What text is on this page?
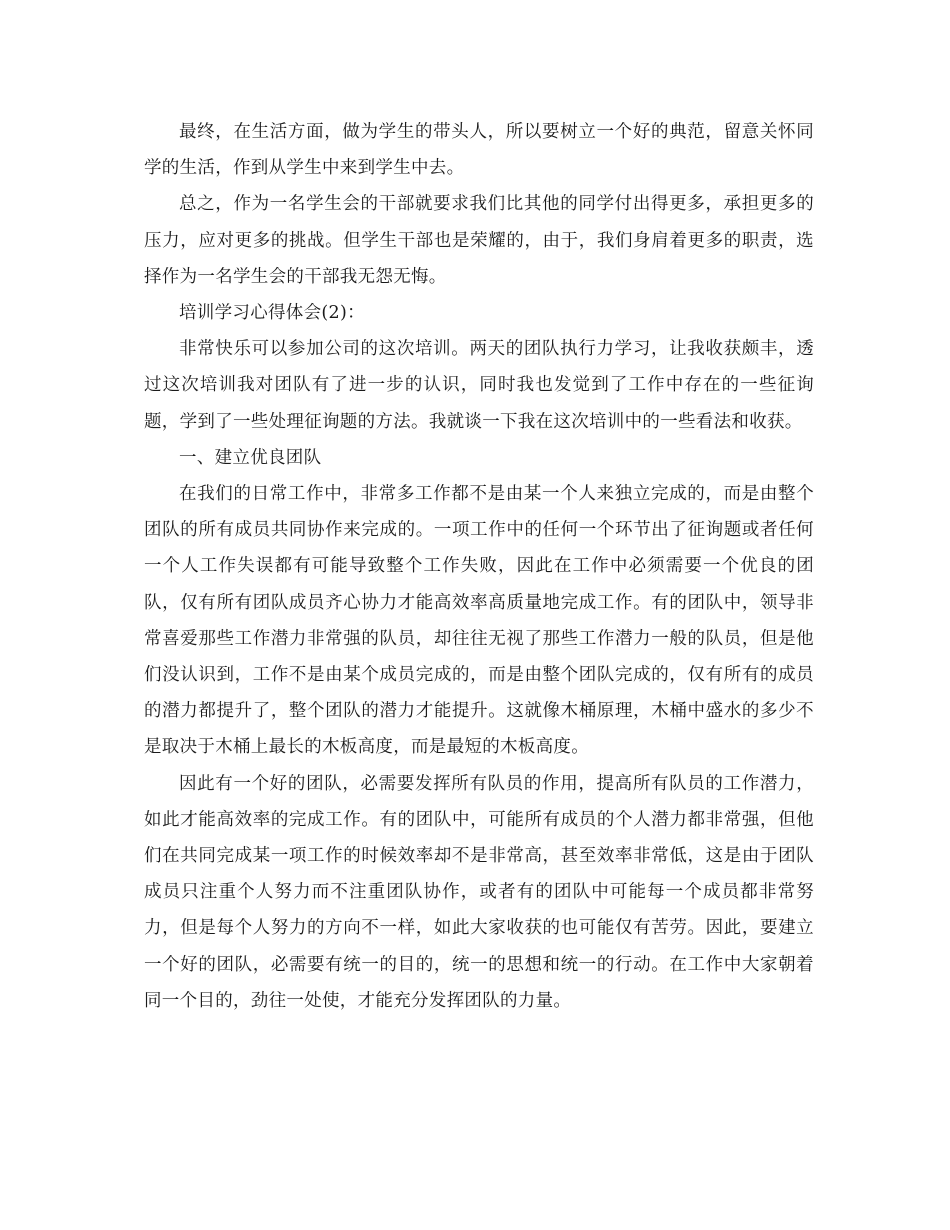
最终，在生活方面，做为学生的带头人，所以要树立一个好的典范，留意关怀同学的生活，作到从学生中来到学生中去。

总之，作为一名学生会的干部就要求我们比其他的同学付出得更多，承担更多的压力，应对更多的挑战。但学生干部也是荣耀的，由于，我们身肩着更多的职责，选择作为一名学生会的干部我无怨无悔。

培训学习心得体会(2)：

非常快乐可以参加公司的这次培训。两天的团队执行力学习，让我收获颇丰，透过这次培训我对团队有了进一步的认识，同时我也发觉到了工作中存在的一些征询题，学到了一些处理征询题的方法。我就谈一下我在这次培训中的一些看法和收获。

一、建立优良团队

在我们的日常工作中，非常多工作都不是由某一个人来独立完成的，而是由整个团队的所有成员共同协作来完成的。一项工作中的任何一个环节出了征询题或者任何一个人工作失误都有可能导致整个工作失败，因此在工作中必须需要一个优良的团队，仅有所有团队成员齐心协力才能高效率高质量地完成工作。有的团队中，领导非常喜爱那些工作潜力非常强的队员，却往往无视了那些工作潜力一般的队员，但是他们没认识到，工作不是由某个成员完成的，而是由整个团队完成的，仅有所有的成员的潜力都提升了，整个团队的潜力才能提升。这就像木桶原理，木桶中盛水的多少不是取决于木桶上最长的木板高度，而是最短的木板高度。

因此有一个好的团队，必需要发挥所有队员的作用，提高所有队员的工作潜力，如此才能高效率的完成工作。有的团队中，可能所有成员的个人潜力都非常强，但他们在共同完成某一项工作的时候效率却不是非常高，甚至效率非常低，这是由于团队成员只注重个人努力而不注重团队协作，或者有的团队中可能每一个成员都非常努力，但是每个人努力的方向不一样，如此大家收获的也可能仅有苦劳。因此，要建立一个好的团队，必需要有统一的目的，统一的思想和统一的行动。在工作中大家朝着同一个目的，劲往一处使，才能充分发挥团队的力量。
